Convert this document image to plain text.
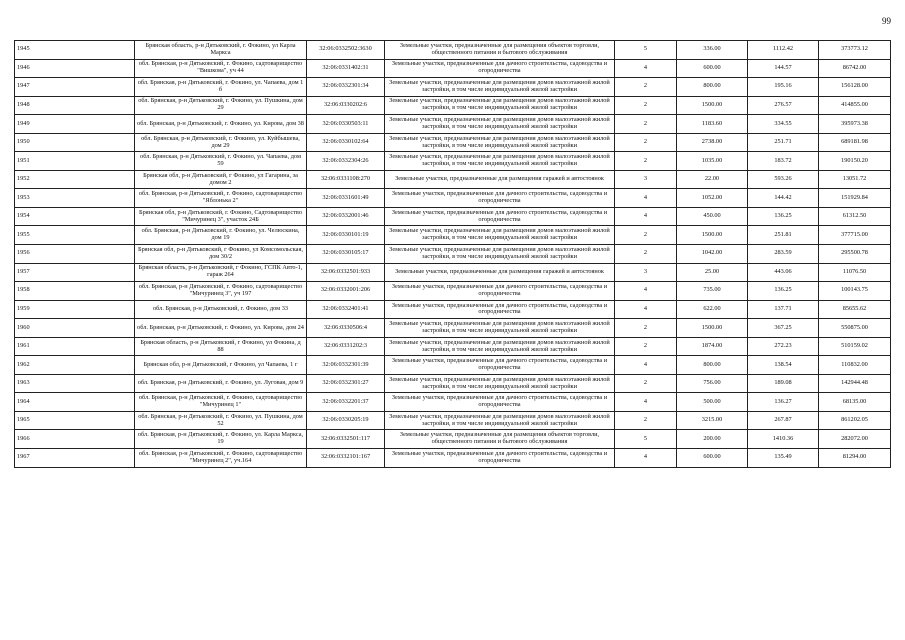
99
1945	Брянская область, р-н Дятьковский, г. Фокино, ул Карла Маркса	32:06:0332502:3630	Земельные участки, предназначенные для размещения объектов торговли, общественного питания и бытового обслуживания	5	336.00	1112.42	373773.12
1946	обл. Брянская, р-н Дятьковский, г. Фокино, садтоварищество "Вишкова", уч 44	32:06:0331402:31	Земельные участки, предназначенные для дачного строительства, садоводства и огородничества	4	600.00	144.57	86742.00
1947	обл. Брянская, р-н Дятьковский, г. Фокино, ул. Чапаева, дом 1 б	32:06:0332301:34	Земельные участки, предназначенные для размещения домов малоэтажной жилой застройки, в том числе индивидуальной жилой застройки	2	800.00	195.16	156128.00
1948	обл. Брянская, р-н Дятьковский, г. Фокино, ул. Пушкина, дом 29	32:06:0330202:6	Земельные участки, предназначенные для размещения домов малоэтажной жилой застройки, в том числе индивидуальной жилой застройки	2	1500.00	276.57	414855.00
1949	обл. Брянская, р-н Дятьковский, г. Фокино, ул. Кирова, дом 38	32:06:0330503:11	Земельные участки, предназначенные для размещения домов малоэтажной жилой застройки, в том числе индивидуальной жилой застройки	2	1183.60	334.55	395973.38
1950	обл. Брянская, р-н Дятьковский, г. Фокино, ул. Куйбышева, дом 29	32:06:0330102:64	Земельные участки, предназначенные для размещения домов малоэтажной жилой застройки, в том числе индивидуальной жилой застройки	2	2738.00	251.71	689181.98
1951	обл. Брянская, р-н Дятьковский, г. Фокино, ул. Чапаева, дом 59	32:06:0332304:26	Земельные участки, предназначенные для размещения домов малоэтажной жилой застройки, в том числе индивидуальной жилой застройки	2	1035.00	183.72	190150.20
1952	Брянская обл, р-н Дятьковский, г Фокино, ул Гагарина, за домом 2	32:06:0331108:270	Земельные участки, предназначенные для размещения гаражей и автостоянок	3	22.00	593.26	13051.72
1953	обл. Брянская, р-н Дятьковский, г. Фокино, садтоварищество "Яблонька 2"	32:06:0331601:49	Земельные участки, предназначенные для дачного строительства, садоводства и огородничества	4	1052.00	144.42	151929.84
1954	Брянская обл, р-н Дятьковский, г. Фокино, Садтоварищество "Мичуринец 3", участок 24Б	32:06:0332001:46	Земельные участки, предназначенные для дачного строительства, садоводства и огородничества	4	450.00	136.25	61312.50
1955	обл. Брянская, р-н Дятьковский, г. Фокино, ул. Челюскина, дом 19	32:06:0330101:19	Земельные участки, предназначенные для размещения домов малоэтажной жилой застройки, в том числе индивидуальной жилой застройки	2	1500.00	251.81	377715.00
1956	Брянская обл, р-н Дятьковский, г Фокино, ул Комсомольская, дом 30/2	32:06:0330105:17	Земельные участки, предназначенные для размещения домов малоэтажной жилой застройки, в том числе индивидуальной жилой застройки	2	1042.00	283.59	295500.78
1957	Брянская область, р-н Дятьковский, г Фокино, ГСПК Авто-1, гараж 264	32:06:0332501:933	Земельные участки, предназначенные для размещения гаражей и автостоянок	3	25.00	443.06	11076.50
1958	обл. Брянская, р-н Дятьковский, г. Фокино, садтоварищество "Мичуринец 3", уч 197	32:06:0332001:206	Земельные участки, предназначенные для дачного строительства, садоводства и огородничества	4	735.00	136.25	100143.75
1959	обл. Брянская, р-н Дятьковский, г. Фокино, дом 33	32:06:0332401:41	Земельные участки, предназначенные для дачного строительства, садоводства и огородничества	4	622.00	137.71	85655.62
1960	обл. Брянская, р-н Дятьковский, г. Фокино, ул. Кирова, дом 24	32:06:0330506:4	Земельные участки, предназначенные для размещения домов малоэтажной жилой застройки, в том числе индивидуальной жилой застройки	2	1500.00	367.25	550875.00
1961	Брянская область, р-н Дятьковский, г Фокино, ул Фокина, д 88	32:06:0331202:3	Земельные участки, предназначенные для размещения домов малоэтажной жилой застройки, в том числе индивидуальной жилой застройки	2	1874.00	272.23	510159.02
1962	Брянская обл, р-н Дятьковский, г Фокино, ул Чапаева, 1 г	32:06:0332301:39	Земельные участки, предназначенные для дачного строительства, садоводства и огородничества	4	800.00	138.54	110832.00
1963	обл. Брянская, р-н Дятьковский, г. Фокино, ул. Луговая, дом 9	32:06:0332301:27	Земельные участки, предназначенные для размещения домов малоэтажной жилой застройки, в том числе индивидуальной жилой застройки	2	756.00	189.08	142944.48
1964	обл. Брянская, р-н Дятьковский, г. Фокино, садтоварищество "Мичуринец 1"	32:06:0332201:37	Земельные участки, предназначенные для дачного строительства, садоводства и огородничества	4	500.00	136.27	68135.00
1965	обл. Брянская, р-н Дятьковский, г. Фокино, ул. Пушкина, дом 52	32:06:0330205:19	Земельные участки, предназначенные для размещения домов малоэтажной жилой застройки, в том числе индивидуальной жилой застройки	2	3215.00	267.87	861202.05
1966	обл. Брянская, р-н Дятьковский, г. Фокино, ул. Карла Маркса, 19	32:06:0332501:117	Земельные участки, предназначенные для размещения объектов торговли, общественного питания и бытового обслуживания	5	200.00	1410.36	282072.00
1967	обл. Брянская, р-н Дятьковский, г. Фокино, садтоварищество "Мичуринец 2", уч.164	32:06:0332101:167	Земельные участки, предназначенные для дачного строительства, садоводства и огородничества	4	600.00	135.49	81294.00
